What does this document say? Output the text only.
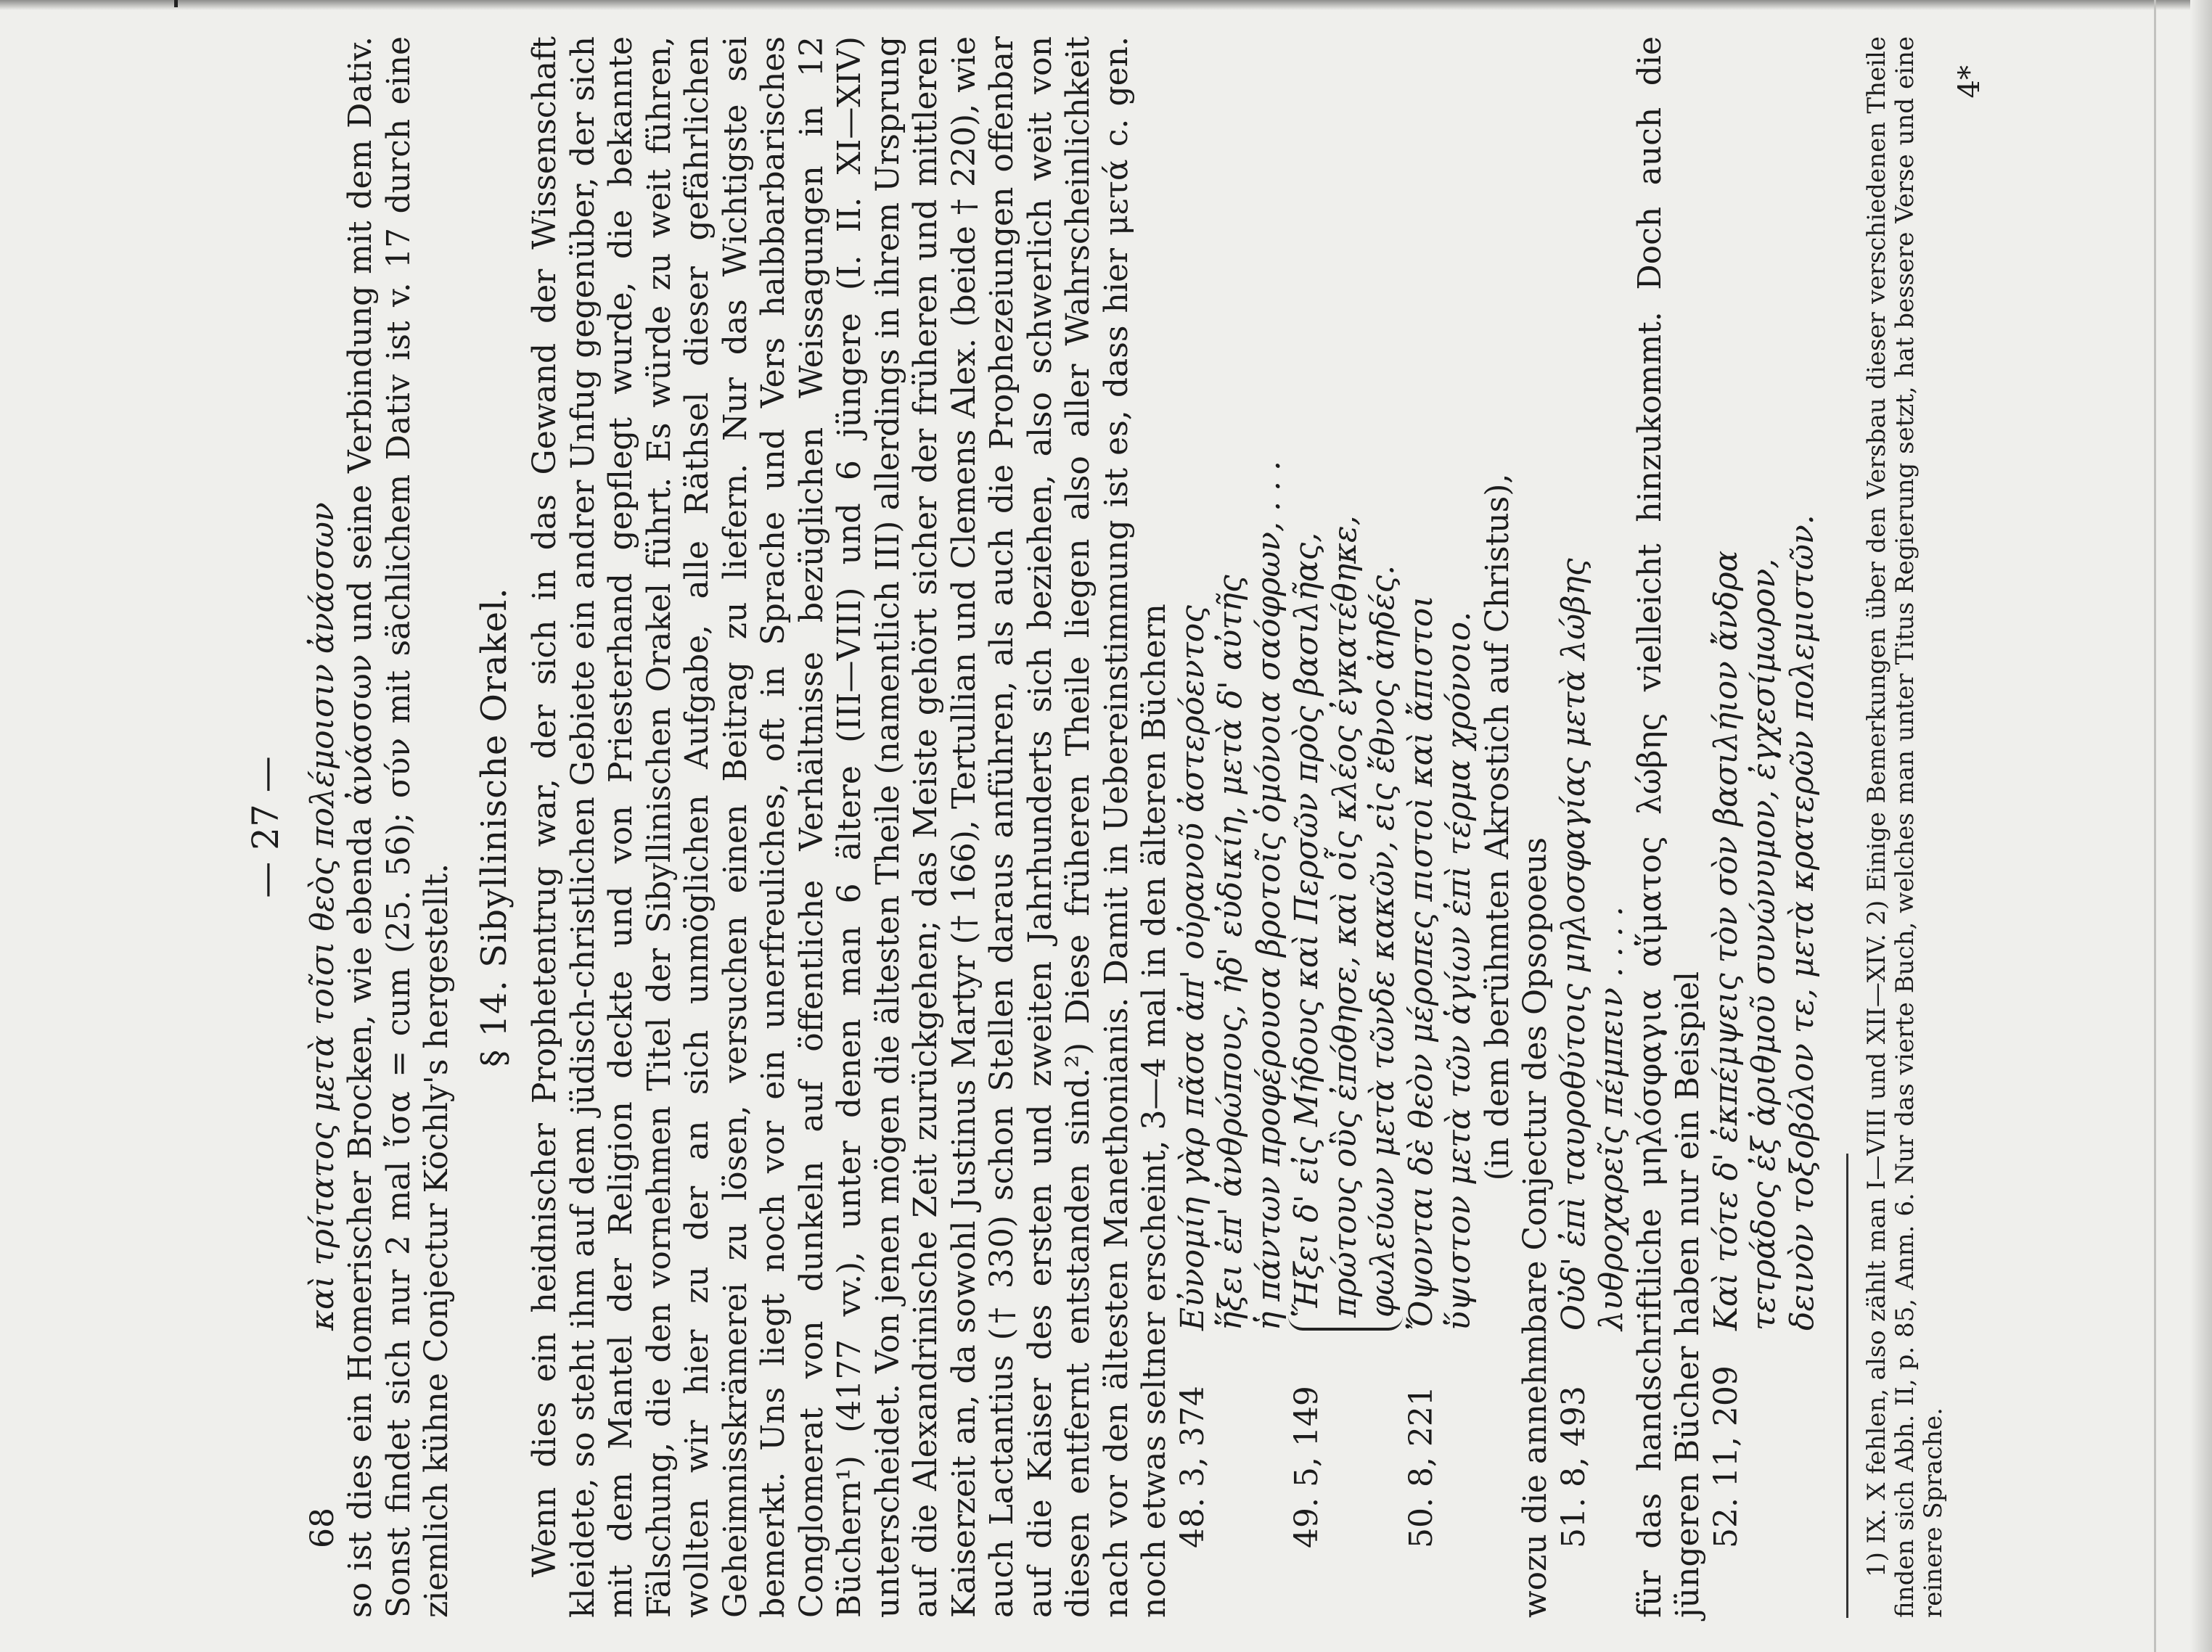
— 27 —
68
καὶ τρίτατος μετὰ τοῖσι θεὸς πολέμοισιν ἀνάσσων so ist dies ein Homerischer Brocken, wie ebenda ἀνάσσων und seine Verbindung mit dem Dativ. Sonst findet sich nur 2 mal ἴσα = cum (25. 56); σύν mit sächlichem Dativ ist v. 17 durch eine ziemlich kühne Conjectur Köchly's hergestellt.

§ 14. Sibyllinische Orakel. Wenn dies ein heidnischer Prophetentrug war, der sich in das Gewand der Wissenschaft kleidete, so steht ihm auf dem jüdisch-christlichen Gebiete ein andrer Unfug gegenüber, der sich mit dem Mantel der Religion deckte und von Priesterhand gepflegt wurde, die bekannte Fälschung, die den vornehmen Titel der Sibyllinischen Orakel führt. Es würde zu weit führen, wollten wir hier zu der an sich unmöglichen Aufgabe, alle Räthsel dieser gefährlichen Geheimnisskrämerei zu lösen, versuchen einen Beitrag zu liefern. Nur das Wichtigste sei bemerkt. Uns liegt noch vor ein unerfreuliches, oft in Sprache und Vers halbbarbarisches Conglomerat von dunkeln auf öffentliche Verhältnisse bezüglichen Weissagungen in 12 Büchern¹) (4177 vv.), unter denen man 6 ältere (III—VIII) und 6 jüngere (I. II. XI—XIV) unterscheidet. Von jenen mögen die ältesten Theile (namentlich III) allerdings in ihrem Ursprung auf die Alexandrinische Zeit zurückgehen; das Meiste gehört sicher der früheren und mittleren Kaiserzeit an, da sowohl Justinus Martyr († 166), Tertullian und Clemens Alex. (beide † 220), wie auch Lactantius († 330) schon Stellen daraus anführen, als auch die Prophezeiungen offenbar auf die Kaiser des ersten und zweiten Jahrhunderts sich beziehen, also schwerlich weit von diesen entfernt entstanden sind.²) Diese früheren Theile liegen also aller Wahrscheinlichkeit nach vor den ältesten Manethonianis. Damit in Uebereinstimmung ist es, dass hier μετά c. gen. noch etwas seltner erscheint, 3—4 mal in den älteren Büchern 48. 3, 374
Εὐνομίη γὰρ πᾶσα ἀπ' οὐρανοῦ ἀστερόεντος ἥξει ἐπ' ἀνθρώπους, ἠδ' εὐδικίη, μετὰ δ' αὐτῆς ἡ πάντων προφέρουσα βροτοῖς ὁμόνοια σαόφρων, . . .
49. 5, 149
Ἥξει δ' εἰς Μήδους καὶ Περσῶν πρὸς βασιλῆας, πρώτους οὓς ἐπόθησε, καὶ οἷς κλέος ἐγκατέθηκε, φωλεύων μετὰ τῶνδε κακῶν, εἰς ἔθνος ἀηδές.
50. 8, 221
Ὄψονται δὲ θεὸν μέροπες πιστοὶ καὶ ἄπιστοι ὕψιστον μετὰ τῶν ἁγίων ἐπὶ τέρμα χρόνοιο. (in dem berühmten Akrostich auf Christus),

wozu die annehmbare Conjectur des Opsopoeus 51. 8, 493
Οὐδ' ἐπὶ ταυροθύτοις μηλοσφαγίας μετὰ λώβης λυθροχαρεῖς πέμπειν . . . . für das handschriftliche μηλόσφαγια αἵματος λώβης vielleicht hinzukommt. Doch auch die jüngeren Bücher haben nur ein Beispiel 52. 11, 209
Καὶ τότε δ' ἐκπέμψεις τὸν σὸν βασιλήιον ἄνδρα τετράδος ἐξ ἀριθμοῦ συνώνυμον, ἐγχεσίμωρον, δεινὸν τοξοβόλον τε, μετὰ κρατερῶν πολεμιστῶν. 1) IX. X fehlen, also zählt man I—VIII und XII—XIV. 2) Einige Bemerkungen über den Versbau dieser verschiedenen Theile finden sich Abh. II, p. 85, Anm. 6. Nur das vierte Buch, welches man unter Titus Regierung setzt, hat bessere Verse und eine reinere Sprache.

4*
